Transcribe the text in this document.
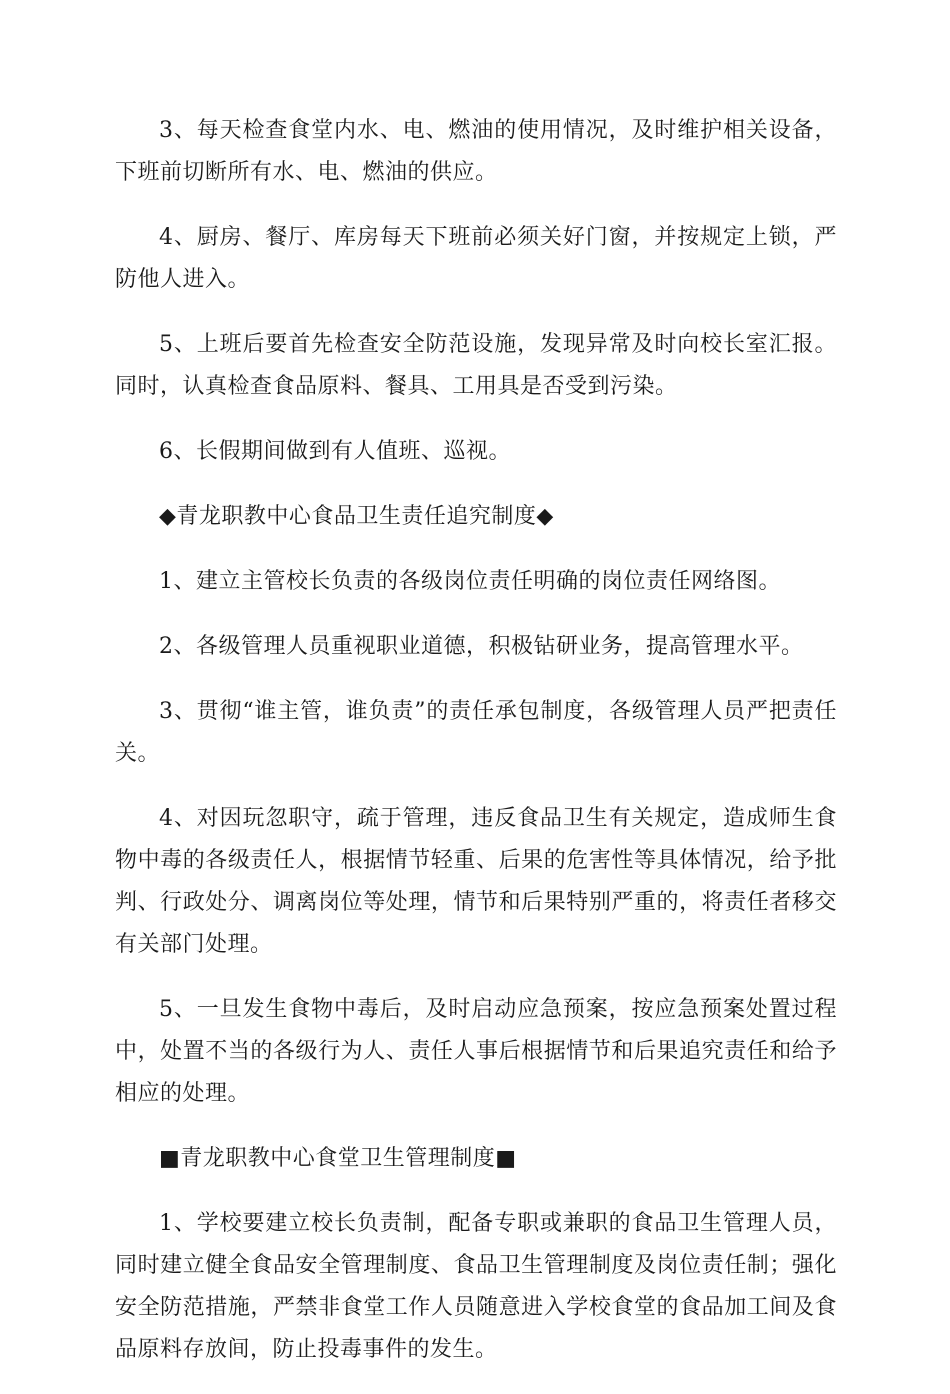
3、每天检查食堂内水、电、燃油的使用情况，及时维护相关设备，下班前切断所有水、电、燃油的供应。

4、厨房、餐厅、库房每天下班前必须关好门窗，并按规定上锁，严防他人进入。

5、上班后要首先检查安全防范设施，发现异常及时向校长室汇报。同时，认真检查食品原料、餐具、工用具是否受到污染。

6、长假期间做到有人值班、巡视。

◆青龙职教中心食品卫生责任追究制度◆

1、建立主管校长负责的各级岗位责任明确的岗位责任网络图。

2、各级管理人员重视职业道德，积极钻研业务，提高管理水平。

3、贯彻“谁主管，谁负责”的责任承包制度，各级管理人员严把责任关。

4、对因玩忽职守，疏于管理，违反食品卫生有关规定，造成师生食物中毒的各级责任人，根据情节轻重、后果的危害性等具体情况，给予批判、行政处分、调离岗位等处理，情节和后果特别严重的，将责任者移交有关部门处理。

5、一旦发生食物中毒后，及时启动应急预案，按应急预案处置过程中，处置不当的各级行为人、责任人事后根据情节和后果追究责任和给予相应的处理。

■青龙职教中心食堂卫生管理制度■

1、学校要建立校长负责制，配备专职或兼职的食品卫生管理人员，同时建立健全食品安全管理制度、食品卫生管理制度及岗位责任制；强化安全防范措施，严禁非食堂工作人员随意进入学校食堂的食品加工间及食品原料存放间，防止投毒事件的发生。
